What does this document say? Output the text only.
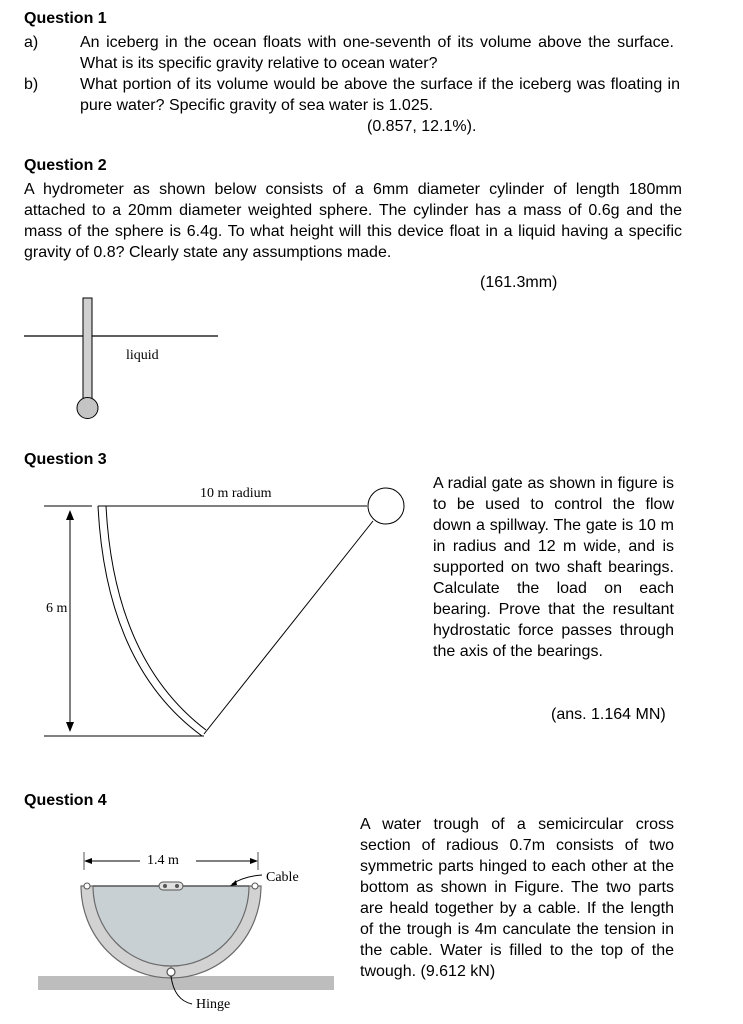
Question 1
a)	An iceberg in the ocean floats with one-seventh of its volume above the surface. What is its specific gravity relative to ocean water?
b)	What portion of its volume would be above the surface if the iceberg was floating in pure water? Specific gravity of sea water is 1.025.
(0.857, 12.1%).
Question 2
A hydrometer as shown below consists of a 6mm diameter cylinder of length 180mm attached to a 20mm diameter weighted sphere. The cylinder has a mass of 0.6g and the mass of the sphere is 6.4g. To what height will this device float in a liquid having a specific gravity of 0.8? Clearly state any assumptions made.
(161.3mm)
liquid
Question 3
10 m radium
6 m
A radial gate as shown in figure is to be used to control the flow down a spillway. The gate is 10 m in radius and 12 m wide, and is supported on two shaft bearings. Calculate the load on each bearing. Prove that the resultant hydrostatic force passes through the axis of the bearings.
(ans. 1.164 MN)
Question 4
1.4 m
Cable
Hinge
A water trough of a semicircular cross section of radious 0.7m consists of two symmetric parts hinged to each other at the bottom as shown in Figure. The two parts are heald together by a cable. If the length of the trough is 4m canculate the tension in the cable. Water is filled to the top of the twough. (9.612 kN)
